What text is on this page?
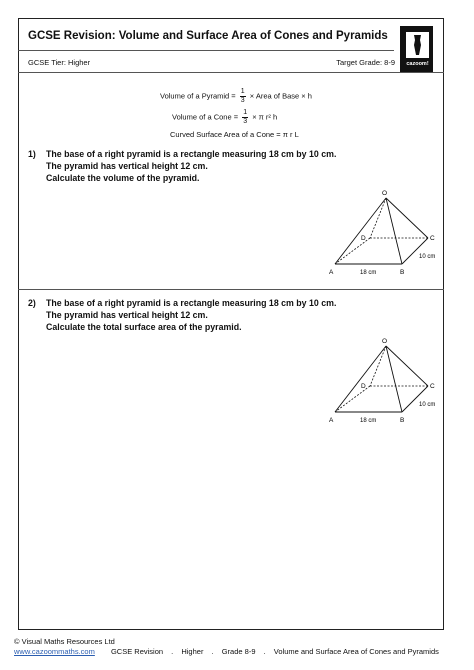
GCSE Revision: Volume and Surface Area of Cones and Pyramids
cazoom!
GCSE Tier: Higher	Target Grade: 8-9
Volume of a Pyramid = $\frac{1}{3}$ × Area of Base × h
Volume of a Cone = $\frac{1}{3} \times \pi$ r² h
Curved Surface Area of a Cone = π r L
1) The base of a right pyramid is a rectangle measuring 18 cm by 10 cm.
The pyramid has vertical height 12 cm.
Calculate the volume of the pyramid.
O
D	C
A	B
18 cm
10 cm
2) The base of a right pyramid is a rectangle measuring 18 cm by 10 cm.
The pyramid has vertical height 12 cm.
Calculate the total surface area of the pyramid.
O
D	C
A	B
18 cm
10 cm
© Visual Maths Resources Ltd
www.cazoommaths.com GCSE Revision . Higher . Grade 8-9 . Volume and Surface Area of Cones and Pyramids
